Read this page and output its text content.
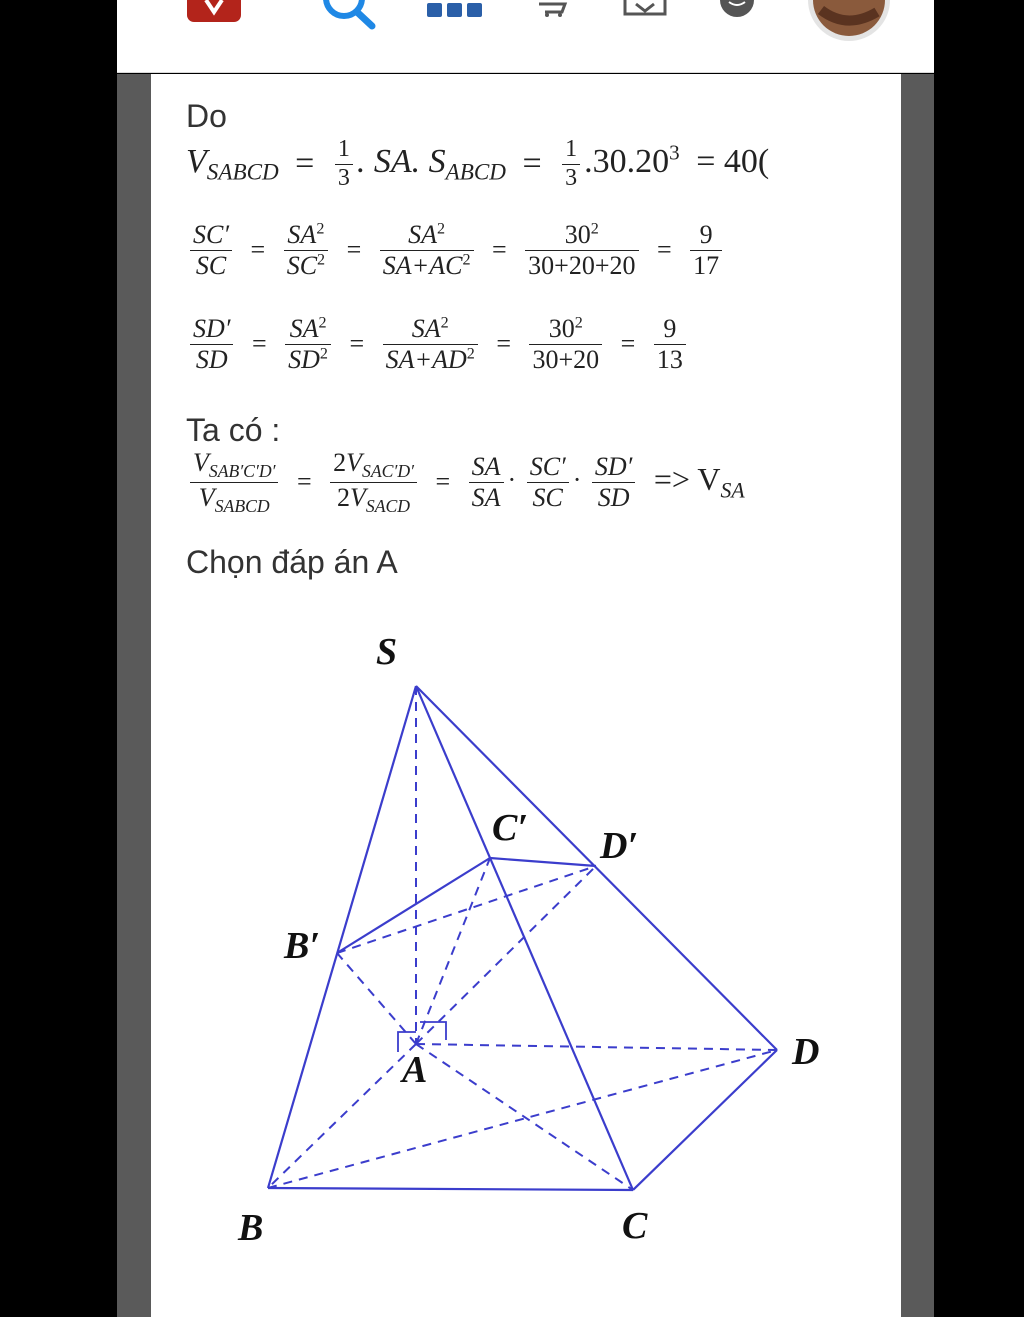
Do
$V_{SABCD} = \frac{1}{3}$ . SA. $S_{ABCD} = \frac{1}{3} .30.20^3 = 40$(
$\frac{SC'}{SC} = \frac{SA^2}{SC^2} = \frac{SA^2}{SA+AC^2} = \frac{30^2}{30+20+20} = \frac{9}{17}$
$\frac{SD'}{SD} = \frac{SA^2}{SD^2} = \frac{SA^2}{SA+AD^2} = \frac{30^2}{30+20} = \frac{9}{13}$
Ta có :
$\frac{V_{SAB'C'D'}}{V_{SABCD}} = \frac{2V_{SAC'D'}}{2V_{SACD}} = \frac{SA}{SA} \cdot \frac{SC'}{SC} \cdot \frac{SD'}{SD} => V_{SA}$
Chọn đáp án A
S
C′ D′
B′
A	D
B	C
